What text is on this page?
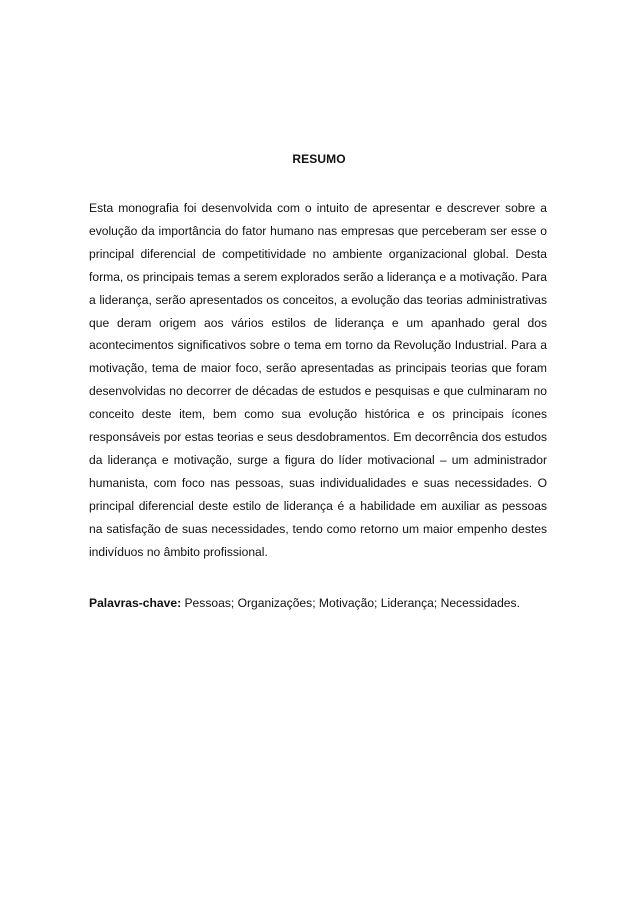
RESUMO

Esta monografia foi desenvolvida com o intuito de apresentar e descrever sobre a evolução da importância do fator humano nas empresas que perceberam ser esse o principal diferencial de competitividade no ambiente organizacional global. Desta forma, os principais temas a serem explorados serão a liderança e a motivação. Para a liderança, serão apresentados os conceitos, a evolução das teorias administrativas que deram origem aos vários estilos de liderança e um apanhado geral dos acontecimentos significativos sobre o tema em torno da Revolução Industrial. Para a motivação, tema de maior foco, serão apresentadas as principais teorias que foram desenvolvidas no decorrer de décadas de estudos e pesquisas e que culminaram no conceito deste item, bem como sua evolução histórica e os principais ícones responsáveis por estas teorias e seus desdobramentos. Em decorrência dos estudos da liderança e motivação, surge a figura do líder motivacional – um administrador humanista, com foco nas pessoas, suas individualidades e suas necessidades. O principal diferencial deste estilo de liderança é a habilidade em auxiliar as pessoas na satisfação de suas necessidades, tendo como retorno um maior empenho destes indivíduos no âmbito profissional.

Palavras-chave: Pessoas; Organizações; Motivação; Liderança; Necessidades.
